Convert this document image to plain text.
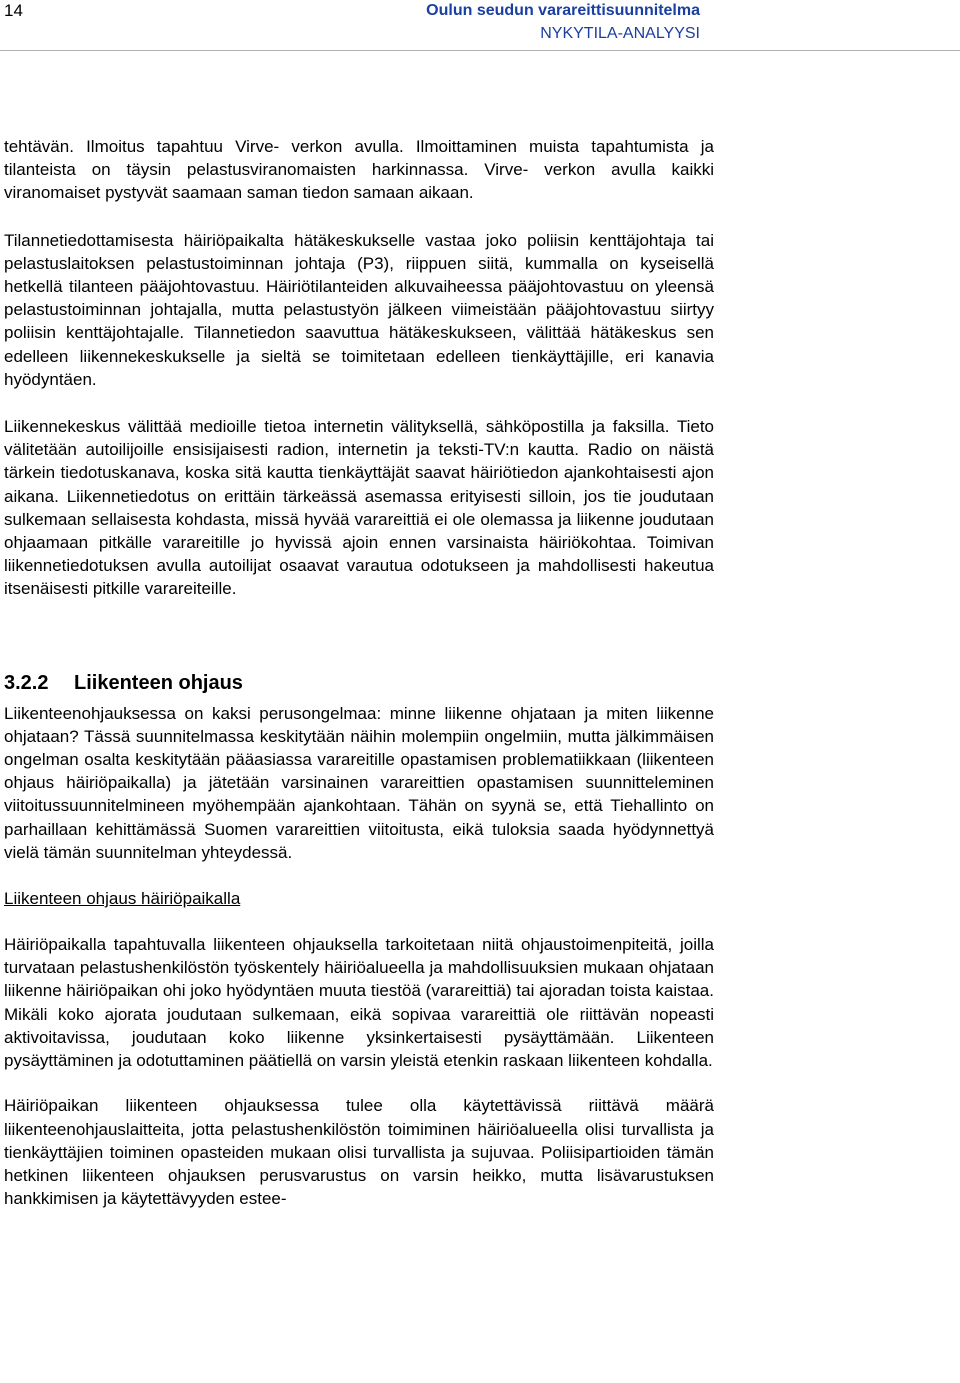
14	Oulun seudun varareittisuunnitelma
NYKYTILA-ANALYYSI

tehtävän. Ilmoitus tapahtuu Virve- verkon avulla. Ilmoittaminen muista tapahtumista ja tilanteista on täysin pelastusviranomaisten harkinnassa. Virve- verkon avulla kaikki viranomaiset pystyvät saamaan saman tiedon samaan aikaan.

Tilannetiedottamisesta häiriöpaikalta hätäkeskukselle vastaa joko poliisin kenttäjohtaja tai pelastuslaitoksen pelastustoiminnan johtaja (P3), riippuen siitä, kummalla on kyseisellä hetkellä tilanteen pääjohtovastuu. Häiriötilanteiden alkuvaiheessa pääjohtovastuu on yleensä pelastustoiminnan johtajalla, mutta pelastustyön jälkeen viimeistään pääjohtovastuu siirtyy poliisin kenttäjohtajalle. Tilannetiedon saavuttua hätäkeskukseen, välittää hätäkeskus sen edelleen liikennekeskukselle ja sieltä se toimitetaan edelleen tienkäyttäjille, eri kanavia hyödyntäen.

Liikennekeskus välittää medioille tietoa internetin välityksellä, sähköpostilla ja faksilla. Tieto välitetään autoilijoille ensisijaisesti radion, internetin ja teksti-TV:n kautta. Radio on näistä tärkein tiedotuskanava, koska sitä kautta tienkäyttäjät saavat häiriötiedon ajankohtaisesti ajon aikana. Liikennetiedotus on erittäin tärkeässä asemassa erityisesti silloin, jos tie joudutaan sulkemaan sellaisesta kohdasta, missä hyvää varareittiä ei ole olemassa ja liikenne joudutaan ohjaamaan pitkälle varareitille jo hyvissä ajoin ennen varsinaista häiriökohtaa. Toimivan liikennetiedotuksen avulla autoilijat osaavat varautua odotukseen ja mahdollisesti hakeutua itsenäisesti pitkille varareiteille.

3.2.2 Liikenteen ohjaus

Liikenteenohjauksessa on kaksi perusongelmaa: minne liikenne ohjataan ja miten liikenne ohjataan? Tässä suunnitelmassa keskitytään näihin molempiin ongelmiin, mutta jälkimmäisen ongelman osalta keskitytään pääasiassa varareitille opastamisen problematiikkaan (liikenteen ohjaus häiriöpaikalla) ja jätetään varsinainen varareittien opastamisen suunnitteleminen viitoitussuunnitelmineen myöhempään ajankohtaan. Tähän on syynä se, että Tiehallinto on parhaillaan kehittämässä Suomen varareittien viitoitusta, eikä tuloksia saada hyödynnettyä vielä tämän suunnitelman yhteydessä.

Liikenteen ohjaus häiriöpaikalla

Häiriöpaikalla tapahtuvalla liikenteen ohjauksella tarkoitetaan niitä ohjaustoimenpiteitä, joilla turvataan pelastushenkilöstön työskentely häiriöalueella ja mahdollisuuksien mukaan ohjataan liikenne häiriöpaikan ohi joko hyödyntäen muuta tiestöä (varareittiä) tai ajoradan toista kaistaa. Mikäli koko ajorata joudutaan sulkemaan, eikä sopivaa varareittiä ole riittävän nopeasti aktivoitavissa, joudutaan koko liikenne yksinkertaisesti pysäyttämään. Liikenteen pysäyttäminen ja odotuttaminen päätiellä on varsin yleistä etenkin raskaan liikenteen kohdalla.

Häiriöpaikan liikenteen ohjauksessa tulee olla käytettävissä riittävä määrä liikenteenohjauslaitteita, jotta pelastushenkilöstön toimiminen häiriöalueella olisi turvallista ja tienkäyttäjien toiminen opasteiden mukaan olisi turvallista ja sujuvaa. Poliisipartioiden tämän hetkinen liikenteen ohjauksen perusvarustus on varsin heikko, mutta lisävarustuksen hankkimisen ja käytettävyyden estee-
